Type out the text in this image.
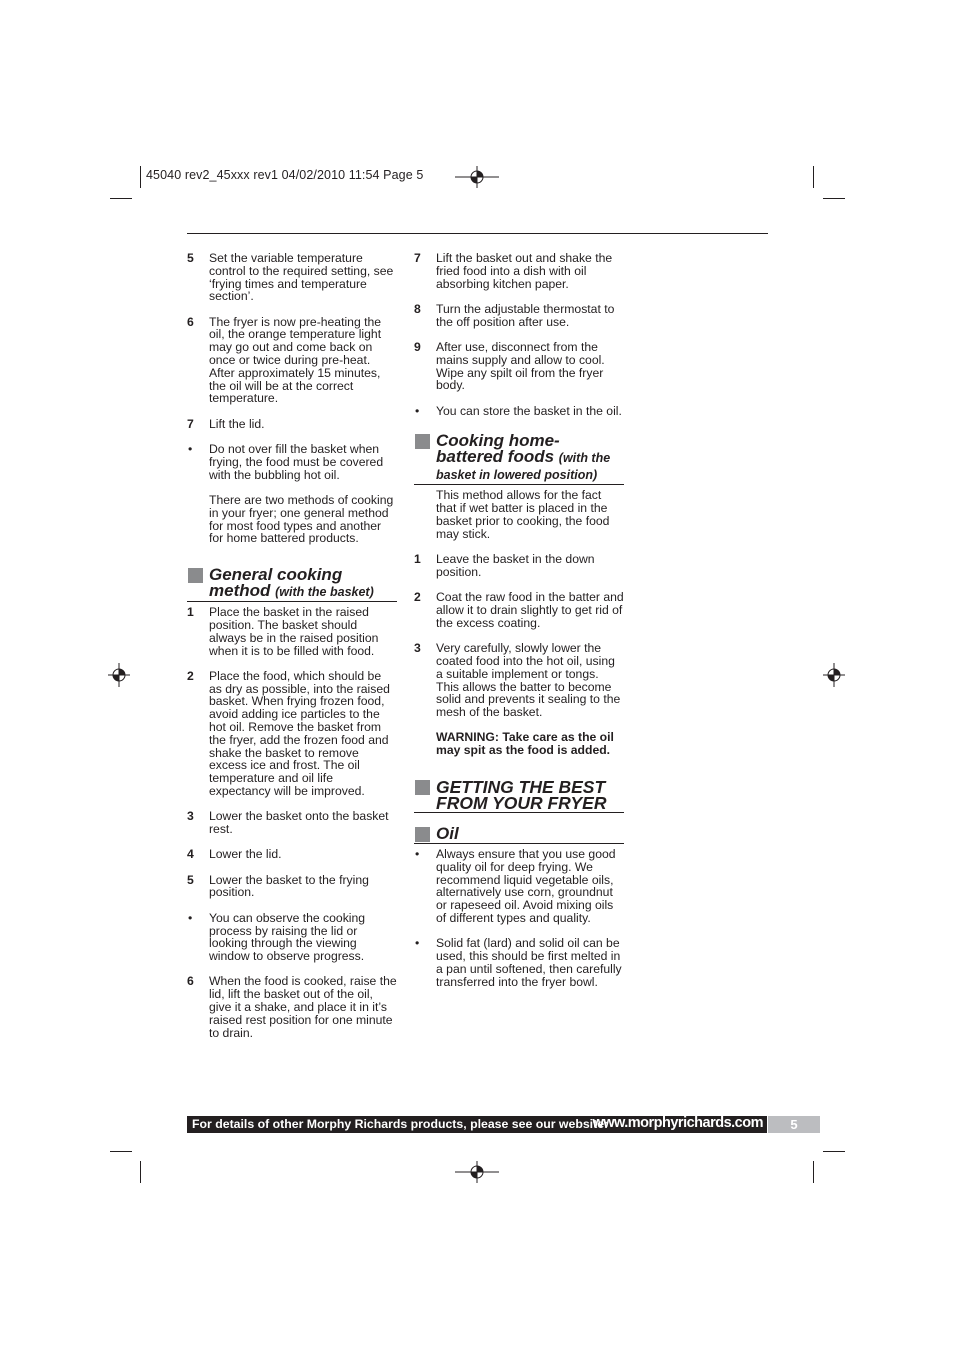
45040 rev2_45xxx rev1 04/02/2010 11:54 Page 5
5 Set the variable temperature control to the required setting, see ‘frying times and temperature section’.
6 The fryer is now pre-heating the oil, the orange temperature light may go out and come back on once or twice during pre-heat. After approximately 15 minutes, the oil will be at the correct temperature.
7 Lift the lid.
• Do not over fill the basket when frying, the food must be covered with the bubbling hot oil.
There are two methods of cooking in your fryer; one general method for most food types and another for home battered products.
General cooking method (with the basket)
1 Place the basket in the raised position. The basket should always be in the raised position when it is to be filled with food.
2 Place the food, which should be as dry as possible, into the raised basket. When frying frozen food, avoid adding ice particles to the hot oil. Remove the basket from the fryer, add the frozen food and shake the basket to remove excess ice and frost. The oil temperature and oil life expectancy will be improved.
3 Lower the basket onto the basket rest.
4 Lower the lid.
5 Lower the basket to the frying position.
• You can observe the cooking process by raising the lid or looking through the viewing window to observe progress.
6 When the food is cooked, raise the lid, lift the basket out of the oil, give it a shake, and place it in it’s raised rest position for one minute to drain.
7 Lift the basket out and shake the fried food into a dish with oil absorbing kitchen paper.
8 Turn the adjustable thermostat to the off position after use.
9 After use, disconnect from the mains supply and allow to cool. Wipe any spilt oil from the fryer body.
• You can store the basket in the oil.
Cooking home-battered foods (with the basket in lowered position)
This method allows for the fact that if wet batter is placed in the basket prior to cooking, the food may stick.
1 Leave the basket in the down position.
2 Coat the raw food in the batter and allow it to drain slightly to get rid of the excess coating.
3 Very carefully, slowly lower the coated food into the hot oil, using a suitable implement or tongs. This allows the batter to become solid and prevents it sealing to the mesh of the basket.
WARNING: Take care as the oil may spit as the food is added.
GETTING THE BEST FROM YOUR FRYER
Oil
• Always ensure that you use good quality oil for deep frying. We recommend liquid vegetable oils, alternatively use corn, groundnut or rapeseed oil. Avoid mixing oils of different types and quality.
• Solid fat (lard) and solid oil can be used, this should be first melted in a pan until softened, then carefully transferred into the fryer bowl.
For details of other Morphy Richards products, please see our website:
www.morphyrichards.com	5
